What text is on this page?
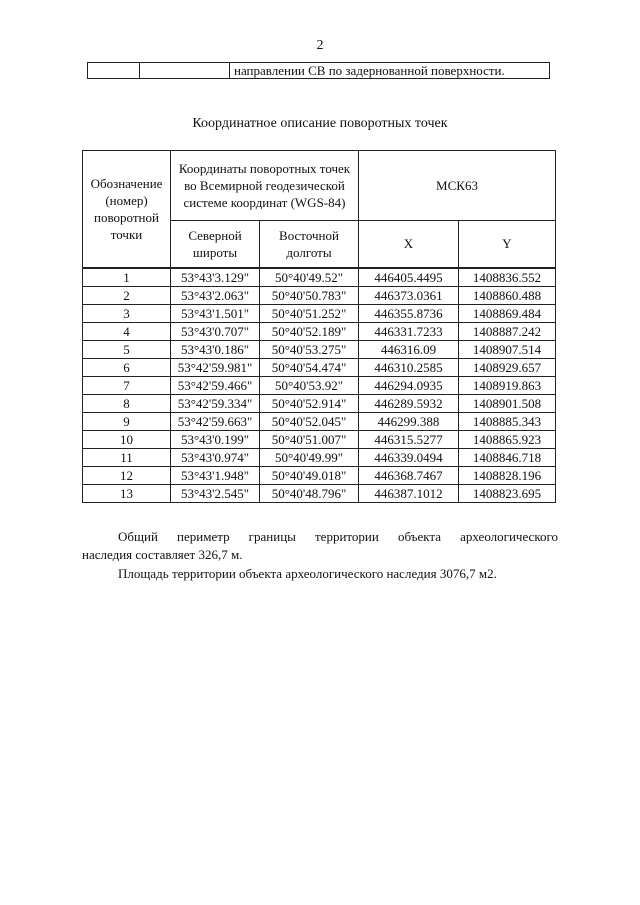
2
		направлении СВ по задернованной поверхности.
Координатное описание поворотных точек
Обозначение (номер) поворотной точки	Координаты поворотных точек во Всемирной геодезической системе координат (WGS-84)		МСК63	
	Северной широты	Восточной долготы	X	Y
1	53°43'3.129"	50°40'49.52"	446405.4495	1408836.552
2	53°43'2.063"	50°40'50.783"	446373.0361	1408860.488
3	53°43'1.501"	50°40'51.252"	446355.8736	1408869.484
4	53°43'0.707"	50°40'52.189"	446331.7233	1408887.242
5	53°43'0.186"	50°40'53.275"	446316.09	1408907.514
6	53°42'59.981"	50°40'54.474"	446310.2585	1408929.657
7	53°42'59.466"	50°40'53.92"	446294.0935	1408919.863
8	53°42'59.334"	50°40'52.914"	446289.5932	1408901.508
9	53°42'59.663"	50°40'52.045"	446299.388	1408885.343
10	53°43'0.199"	50°40'51.007"	446315.5277	1408865.923
11	53°43'0.974"	50°40'49.99"	446339.0494	1408846.718
12	53°43'1.948"	50°40'49.018"	446368.7467	1408828.196
13	53°43'2.545"	50°40'48.796"	446387.1012	1408823.695

Общий периметр границы территории объекта археологического

наследия составляет 326,7 м.

Площадь территории объекта археологического наследия 3076,7 м2.
